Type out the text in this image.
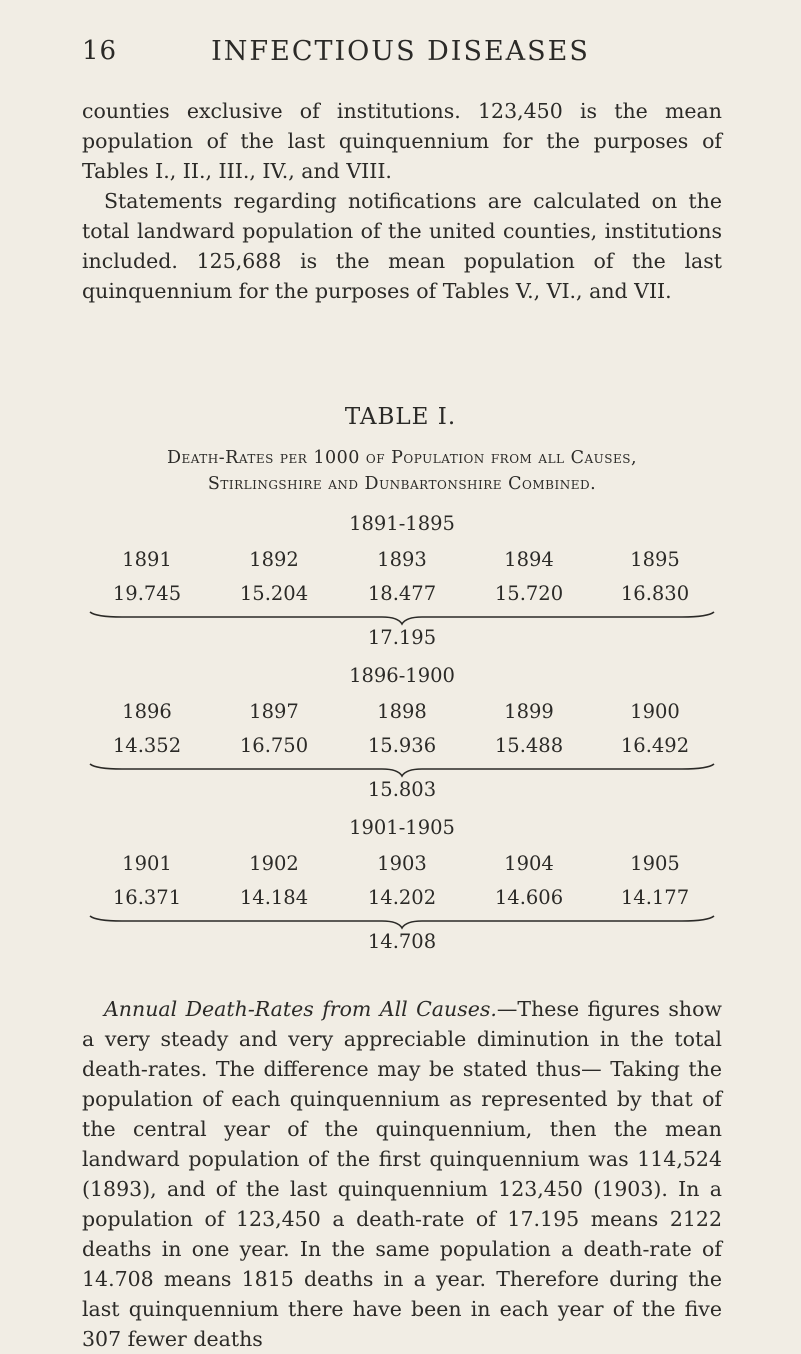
16	INFECTIOUS DISEASES
counties exclusive of institutions. 123,450 is the mean population of the last quinquennium for the purposes of Tables I., II., III., IV., and VIII.
Statements regarding notifications are calculated on the total landward population of the united counties, institutions included. 125,688 is the mean population of the last quinquennium for the purposes of Tables V., VI., and VII.
TABLE I.
Death-Rates per 1000 of Population from all Causes,
Stirlingshire and Dunbartonshire Combined.
1891-1895
1891	1892	1893	1894	1895
19.745	15.204	18.477	15.720	16.830
17.195
1896-1900
1896	1897	1898	1899	1900
14.352	16.750	15.936	15.488	16.492
15.803
1901-1905
1901	1902	1903	1904	1905
16.371	14.184	14.202	14.606	14.177
14.708
Annual Death-Rates from All Causes.—These figures show a very steady and very appreciable diminution in the total death-rates. The difference may be stated thus— Taking the population of each quinquennium as represented by that of the central year of the quinquennium, then the mean landward population of the first quinquennium was 114,524 (1893), and of the last quinquennium 123,450 (1903). In a population of 123,450 a death-rate of 17.195 means 2122 deaths in one year. In the same population a death-rate of 14.708 means 1815 deaths in a year. Therefore during the last quinquennium there have been in each year of the five 307 fewer deaths
